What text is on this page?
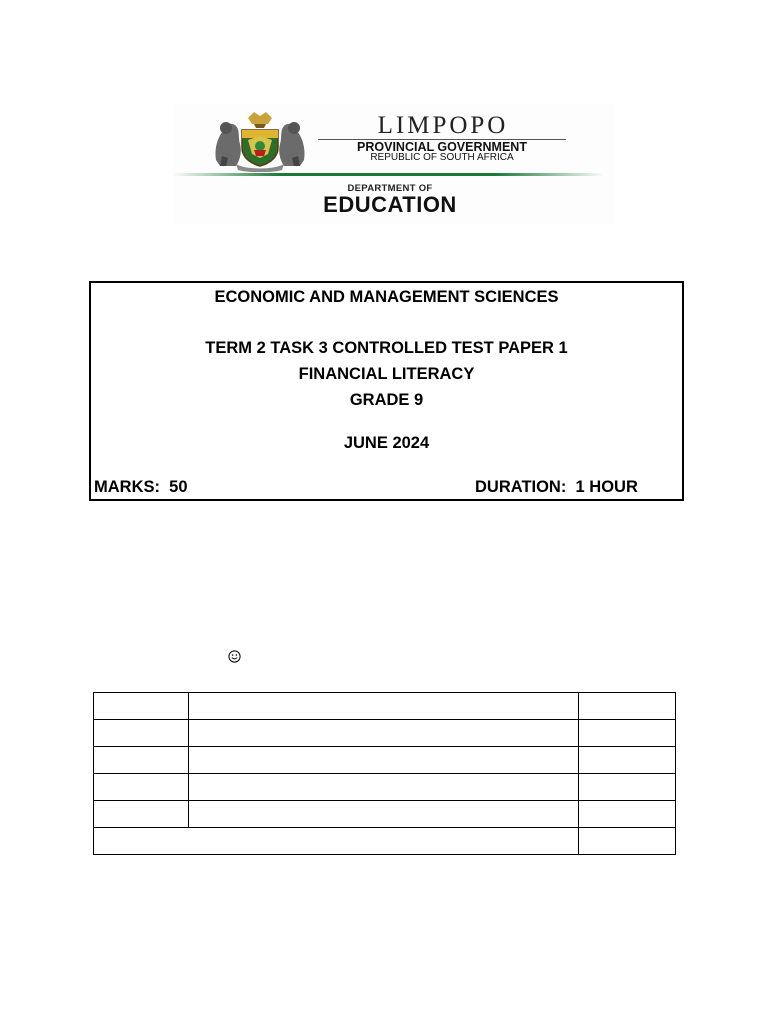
LIMPOPO
PROVINCIAL GOVERNMENT
REPUBLIC OF SOUTH AFRICA
DEPARTMENT OF
EDUCATION
ECONOMIC AND MANAGEMENT SCIENCES
TERM 2 TASK 3 CONTROLLED TEST PAPER 1
FINANCIAL LITERACY
GRADE 9
JUNE 2024
MARKS:  50	DURATION:  1 HOUR
